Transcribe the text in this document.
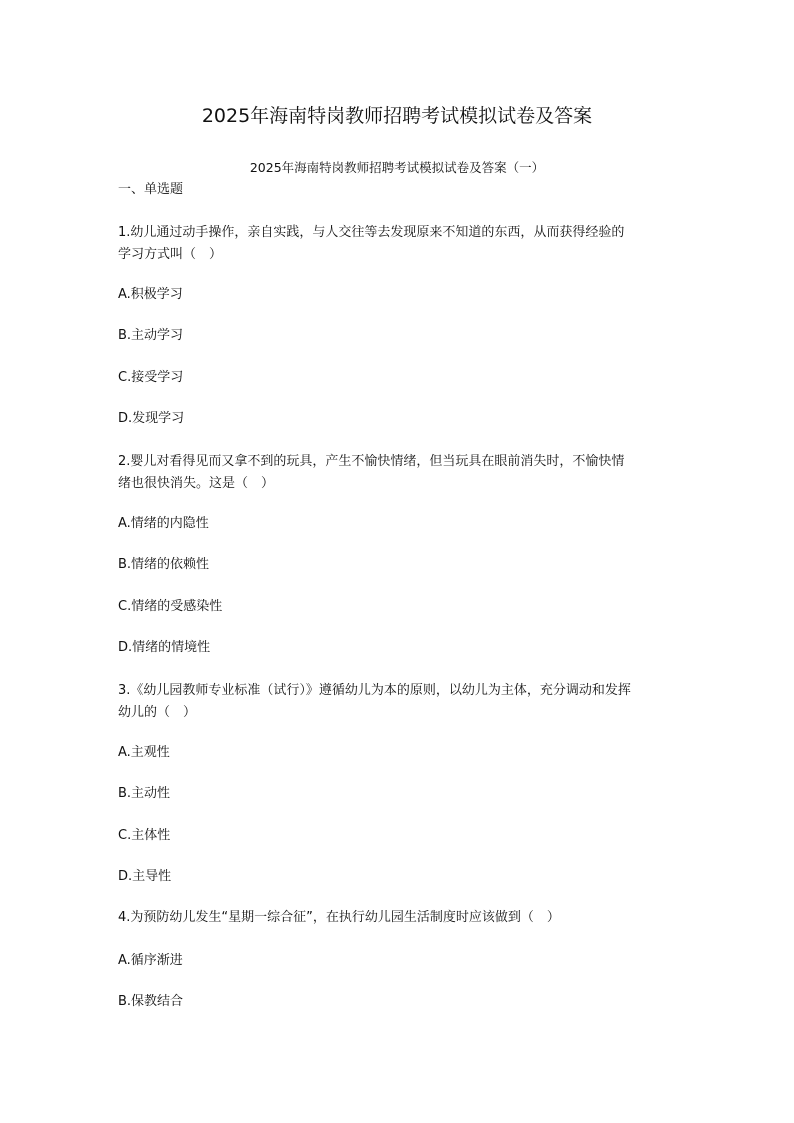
2025年海南特岗教师招聘考试模拟试卷及答案
2025年海南特岗教师招聘考试模拟试卷及答案（一）
一、单选题
1.幼儿通过动手操作，亲自实践，与人交往等去发现原来不知道的东西，从而获得经验的
学习方式叫（　）
A.积极学习
B.主动学习
C.接受学习
D.发现学习
2.婴儿对看得见而又拿不到的玩具，产生不愉快情绪，但当玩具在眼前消失时，不愉快情
绪也很快消失。这是（　）
A.情绪的内隐性
B.情绪的依赖性
C.情绪的受感染性
D.情绪的情境性
3.《幼儿园教师专业标准（试行）》遵循幼儿为本的原则，以幼儿为主体，充分调动和发挥
幼儿的（　）
A.主观性
B.主动性
C.主体性
D.主导性
4.为预防幼儿发生“星期一综合征”，在执行幼儿园生活制度时应该做到（　）
A.循序渐进
B.保教结合
